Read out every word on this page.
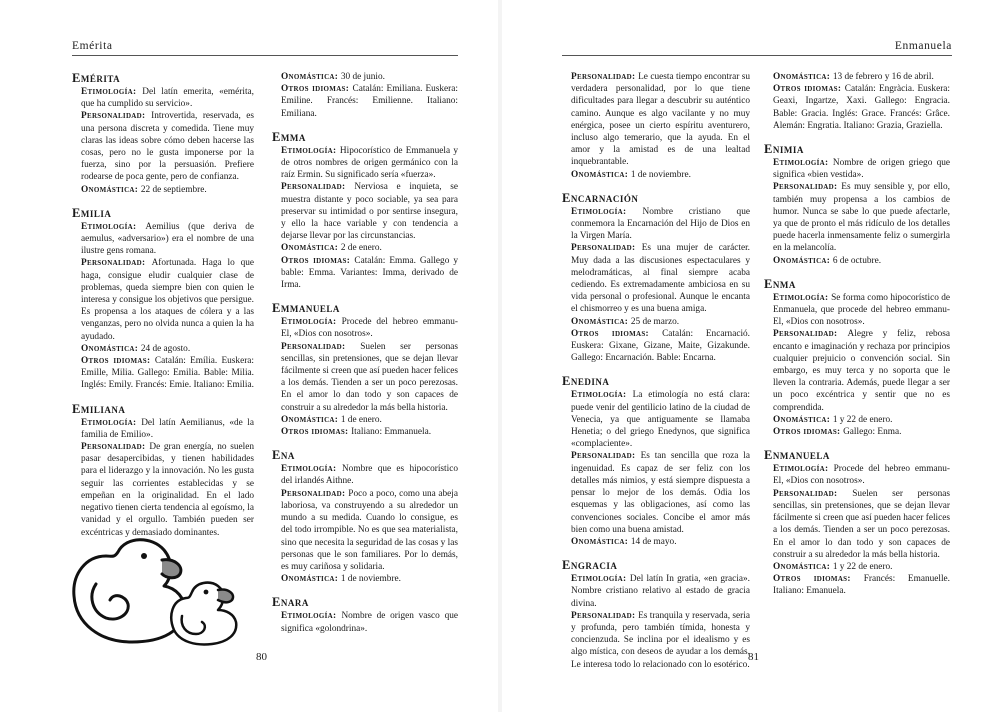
Emérita
Emérita
Etimología : Del latín emerita, «emérita, que ha cumplido su servicio».
Personalidad : Introvertida, reservada, es una persona discreta y comedida. Tiene muy claras las ideas sobre cómo deben hacerse las cosas, pero no le gusta imponerse por la fuerza, sino por la persuasión. Prefiere rodearse de poca gente, pero de confianza.
Onomástica : 22 de septiembre.
Emilia
Etimología : Aemilius (que deriva de aemulus, «adversario») era el nombre de una ilustre gens romana.
Personalidad : Afortunada. Haga lo que haga, consigue eludir cualquier clase de problemas, queda siempre bien con quien le interesa y consigue los objetivos que persigue. Es propensa a los ataques de cólera y a las venganzas, pero no olvida nunca a quien la ha ayudado.
Onomástica : 24 de agosto.
Otros idiomas : Catalán: Emília. Euskera: Emille, Milia. Gallego: Emilia. Bable: Milia. Inglés: Emily. Francés: Emie. Italiano: Emilia.
Emiliana
Etimología : Del latín Aemilianus, «de la familia de Emilio».
Personalidad : De gran energía, no suelen pasar desapercibidas, y tienen habilidades para el liderazgo y la innovación. No les gusta seguir las corrientes establecidas y se empeñan en la originalidad. En el lado negativo tienen cierta tendencia al egoísmo, la vanidad y el orgullo. También pueden ser excéntricas y demasiado dominantes.
Onomástica : 30 de junio.
Otros idiomas : Catalán: Emiliana. Euskera: Emiline. Francés: Emilienne. Italiano: Emiliana.
Emma
Etimología : Hipocorístico de Emmanuela y de otros nombres de origen germánico con la raíz Ermin. Su significado sería «fuerza».
Personalidad : Nerviosa e inquieta, se muestra distante y poco sociable, ya sea para preservar su intimidad o por sentirse insegura, y ello la hace variable y con tendencia a dejarse llevar por las circunstancias.
Onomástica : 2 de enero.
Otros idiomas : Catalán: Emma. Gallego y bable: Emma. Variantes: Imma, derivado de Irma.
Emmanuela
Etimología : Procede del hebreo emmanu-El, «Dios con nosotros».
Personalidad : Suelen ser personas sencillas, sin pretensiones, que se dejan llevar fácilmente si creen que así pueden hacer felices a los demás. Tienden a ser un poco perezosas. En el amor lo dan todo y son capaces de construir a su alrededor la más bella historia.
Onomástica : 1 de enero.
Otros idiomas : Italiano: Emmanuela.
Ena
Etimología : Nombre que es hipocorístico del irlandés Aithne.
Personalidad : Poco a poco, como una abeja laboriosa, va construyendo a su alrededor un mundo a su medida. Cuando lo consigue, es del todo irrompible. No es que sea materialista, sino que necesita la seguridad de las cosas y las personas que le son familiares. Por lo demás, es muy cariñosa y solidaria.
Onomástica : 1 de noviembre.
Enara
Etimología : Nombre de origen vasco que significa «golondrina».
80
Enmanuela
Personalidad : Le cuesta tiempo encontrar su verdadera personalidad, por lo que tiene dificultades para llegar a descubrir su auténtico camino. Aunque es algo vacilante y no muy enérgica, posee un cierto espíritu aventurero, incluso algo temerario, que la ayuda. En el amor y la amistad es de una lealtad inquebrantable.
Onomástica : 1 de noviembre.
Encarnación
Etimología : Nombre cristiano que conmemora la Encarnación del Hijo de Dios en la Virgen María.
Personalidad : Es una mujer de carácter. Muy dada a las discusiones espectaculares y melodramáticas, al final siempre acaba cediendo. Es extremadamente ambiciosa en su vida personal o profesional. Aunque le encanta el chismorreo y es una buena amiga.
Onomástica : 25 de marzo.
Otros idiomas : Catalán: Encarnació. Euskera: Gixane, Gizane, Maite, Gizakunde. Gallego: Encarnación. Bable: Encarna.
Enedina
Etimología : La etimología no está clara: puede venir del gentilicio latino de la ciudad de Venecia, ya que antiguamente se llamaba Henetia; o del griego Enedynos, que significa «complaciente».
Personalidad : Es tan sencilla que roza la ingenuidad. Es capaz de ser feliz con los detalles más nimios, y está siempre dispuesta a pensar lo mejor de los demás. Odia los esquemas y las obligaciones, así como las convenciones sociales. Concibe el amor más bien como una buena amistad.
Onomástica : 14 de mayo.
Engracia
Etimología : Del latín In gratia, «en gracia». Nombre cristiano relativo al estado de gracia divina.
Personalidad : Es tranquila y reservada, seria y profunda, pero también tímida, honesta y concienzuda. Se inclina por el idealismo y es algo mística, con deseos de ayudar a los demás. Le interesa todo lo relacionado con lo esotérico.
Onomástica : 13 de febrero y 16 de abril.
Otros idiomas : Catalán: Engràcia. Euskera: Geaxi, Ingartze, Xaxi. Gallego: Engracia. Bable: Gracia. Inglés: Grace. Francés: Grâce. Alemán: Engratia. Italiano: Grazia, Graziella.
Enimia
Etimología : Nombre de origen griego que significa «bien vestida».
Personalidad : Es muy sensible y, por ello, también muy propensa a los cambios de humor. Nunca se sabe lo que puede afectarle, ya que de pronto el más ridículo de los detalles puede hacerla inmensamente feliz o sumergirla en la melancolía.
Onomástica : 6 de octubre.
Enma
Etimología : Se forma como hipocorístico de Enmanuela, que procede del hebreo emmanu-El, «Dios con nosotros».
Personalidad : Alegre y feliz, rebosa encanto e imaginación y rechaza por principios cualquier prejuicio o convención social. Sin embargo, es muy terca y no soporta que le lleven la contraria. Además, puede llegar a ser un poco excéntrica y sentir que no es comprendida.
Onomástica : 1 y 22 de enero.
Otros idiomas : Gallego: Enma.
Enmanuela
Etimología : Procede del hebreo emmanu-El, «Dios con nosotros».
Personalidad : Suelen ser personas sencillas, sin pretensiones, que se dejan llevar fácilmente si creen que así pueden hacer felices a los demás. Tienden a ser un poco perezosas. En el amor lo dan todo y son capaces de construir a su alrededor la más bella historia.
Onomástica : 1 y 22 de enero.
Otros idiomas : Francés: Emanuelle. Italiano: Emanuela.
81
